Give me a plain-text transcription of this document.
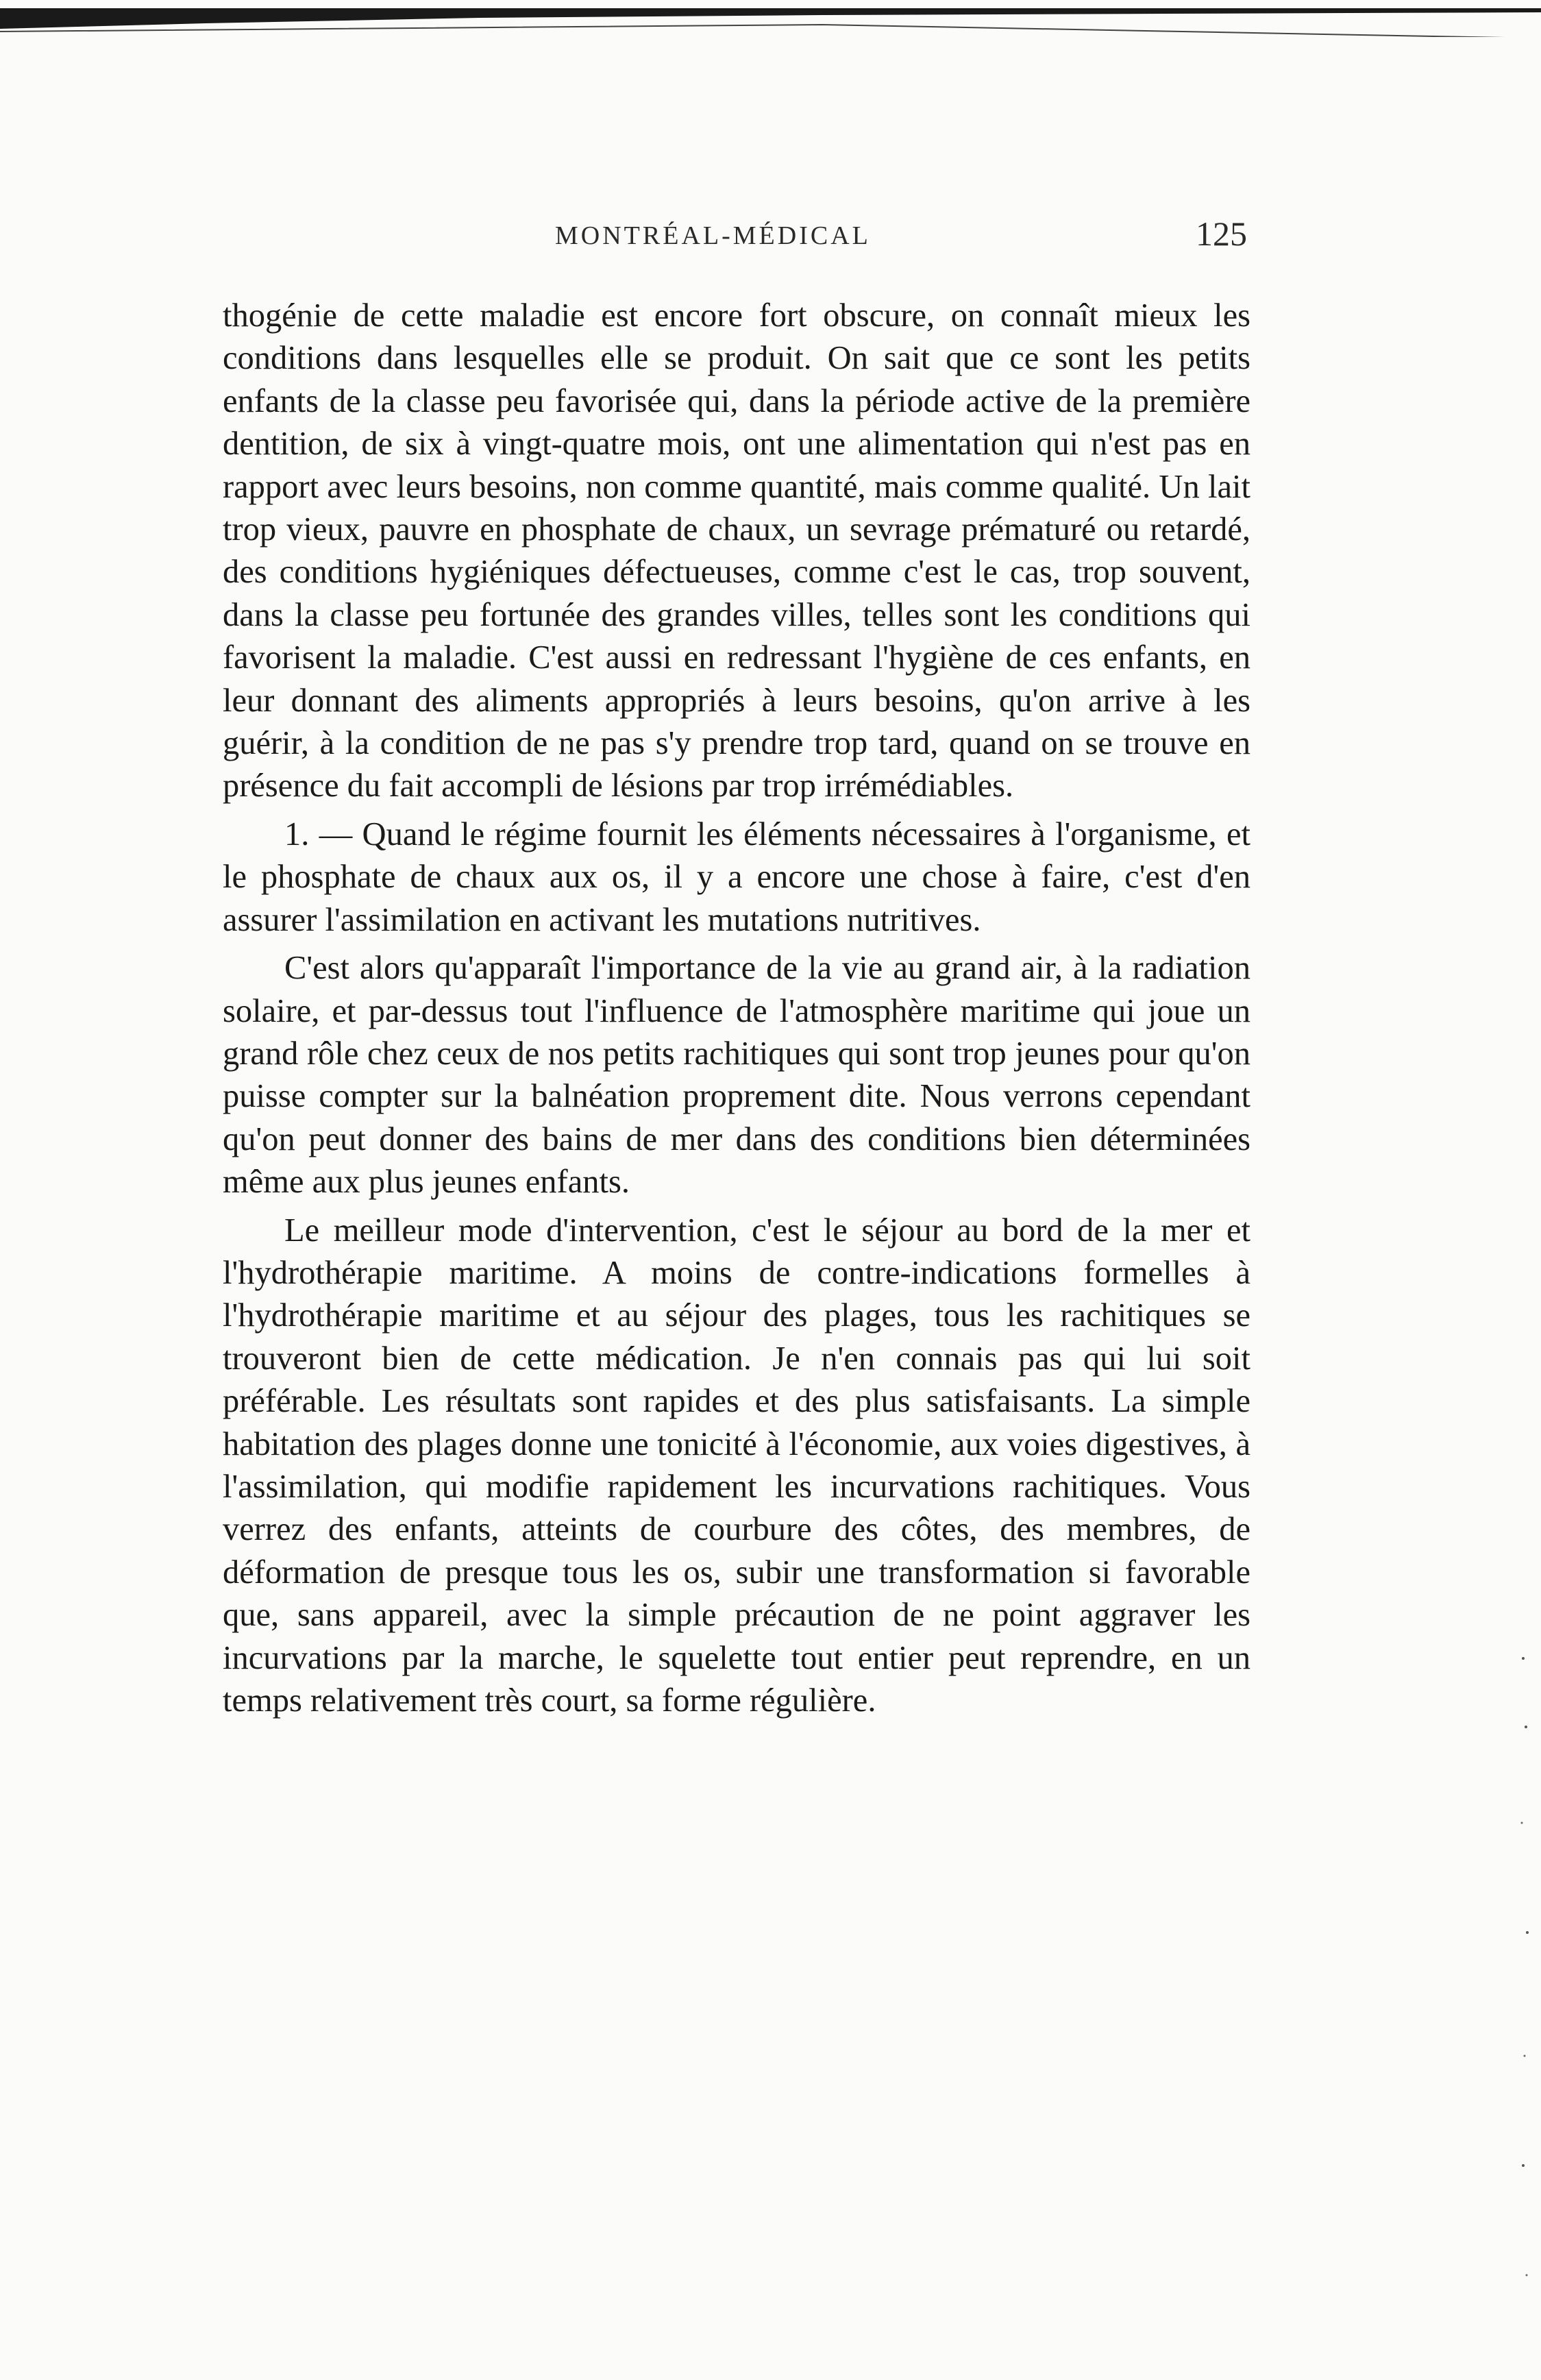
MONTRÉAL-MÉDICAL	125

thogénie de cette maladie est encore fort obscure, on connaît mieux les conditions dans lesquelles elle se produit. On sait que ce sont les petits enfants de la classe peu favorisée qui, dans la période active de la première dentition, de six à vingt-quatre mois, ont une alimentation qui n'est pas en rapport avec leurs besoins, non comme quantité, mais comme qualité. Un lait trop vieux, pauvre en phosphate de chaux, un sevrage prématuré ou retardé, des conditions hygiéniques défectueuses, comme c'est le cas, trop souvent, dans la classe peu fortunée des grandes villes, telles sont les conditions qui favorisent la maladie. C'est aussi en redressant l'hygiène de ces enfants, en leur donnant des aliments appropriés à leurs besoins, qu'on arrive à les guérir, à la condition de ne pas s'y prendre trop tard, quand on se trouve en présence du fait accompli de lésions par trop irrémédiables.

1. — Quand le régime fournit les éléments nécessaires à l'organisme, et le phosphate de chaux aux os, il y a encore une chose à faire, c'est d'en assurer l'assimilation en activant les mutations nutritives.

C'est alors qu'apparaît l'importance de la vie au grand air, à la radiation solaire, et par-dessus tout l'influence de l'atmosphère maritime qui joue un grand rôle chez ceux de nos petits rachitiques qui sont trop jeunes pour qu'on puisse compter sur la balnéation proprement dite. Nous verrons cependant qu'on peut donner des bains de mer dans des conditions bien déterminées même aux plus jeunes enfants.

Le meilleur mode d'intervention, c'est le séjour au bord de la mer et l'hydrothérapie maritime. A moins de contre-indications formelles à l'hydrothérapie maritime et au séjour des plages, tous les rachitiques se trouveront bien de cette médication. Je n'en connais pas qui lui soit préférable. Les résultats sont rapides et des plus satisfaisants. La simple habitation des plages donne une tonicité à l'économie, aux voies digestives, à l'assimilation, qui modifie rapidement les incurvations rachitiques. Vous verrez des enfants, atteints de courbure des côtes, des membres, de déformation de presque tous les os, subir une transformation si favorable que, sans appareil, avec la simple précaution de ne point aggraver les incurvations par la marche, le squelette tout entier peut reprendre, en un temps relativement très court, sa forme régulière.
